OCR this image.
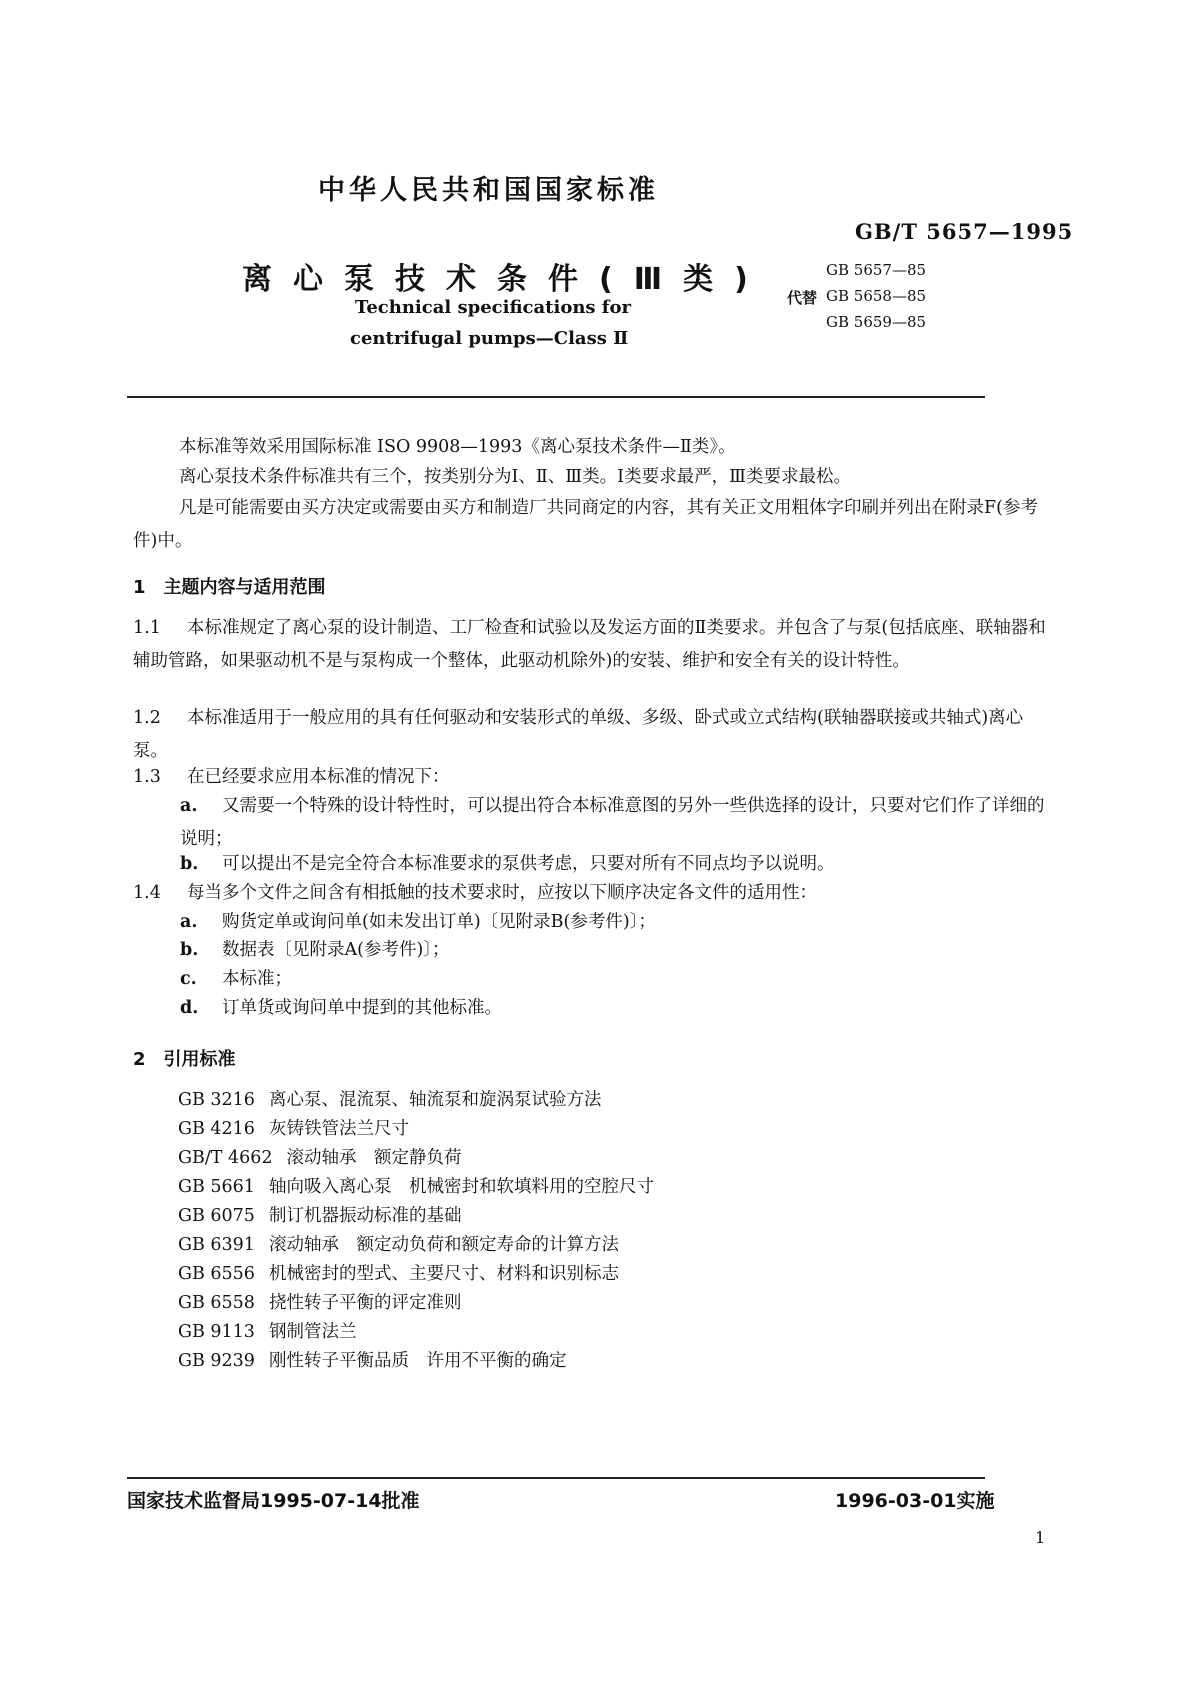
中华人民共和国国家标准
GB/T 5657—1995
离心泵技术条件(Ⅲ类)
Technical specifications for
centrifugal pumps—Class Ⅱ
GB 5657—85
代替 GB 5658—85
GB 5659—85
本标准等效采用国际标准 ISO 9908—1993《离心泵技术条件—Ⅱ类》。
离心泵技术条件标准共有三个，按类别分为Ⅰ、Ⅱ、Ⅲ类。Ⅰ类要求最严，Ⅲ类要求最松。
凡是可能需要由买方决定或需要由买方和制造厂共同商定的内容，其有关正文用粗体字印刷并列出在附录F(参考件)中。
1　主题内容与适用范围
1.1 本标准规定了离心泵的设计制造、工厂检查和试验以及发运方面的Ⅱ类要求。并包含了与泵(包括底座、联轴器和辅助管路，如果驱动机不是与泵构成一个整体，此驱动机除外)的安装、维护和安全有关的设计特性。
1.2 本标准适用于一般应用的具有任何驱动和安装形式的单级、多级、卧式或立式结构(联轴器联接或共轴式)离心泵。
1.3 在已经要求应用本标准的情况下：
a. 又需要一个特殊的设计特性时，可以提出符合本标准意图的另外一些供选择的设计，只要对它们作了详细的说明；
b. 可以提出不是完全符合本标准要求的泵供考虑，只要对所有不同点均予以说明。
1.4 每当多个文件之间含有相抵触的技术要求时，应按以下顺序决定各文件的适用性：
a. 购货定单或询问单(如未发出订单)〔见附录B(参考件)〕；
b. 数据表〔见附录A(参考件)〕；
c. 本标准；
d. 订单货或询问单中提到的其他标准。
2　引用标准
GB 3216 离心泵、混流泵、轴流泵和旋涡泵试验方法
GB 4216 灰铸铁管法兰尺寸
GB/T 4662 滚动轴承　额定静负荷
GB 5661 轴向吸入离心泵　机械密封和软填料用的空腔尺寸
GB 6075 制订机器振动标准的基础
GB 6391 滚动轴承　额定动负荷和额定寿命的计算方法
GB 6556 机械密封的型式、主要尺寸、材料和识别标志
GB 6558 挠性转子平衡的评定准则
GB 9113 钢制管法兰
GB 9239 刚性转子平衡品质　许用不平衡的确定
国家技术监督局1995-07-14批准	1996-03-01实施
1
